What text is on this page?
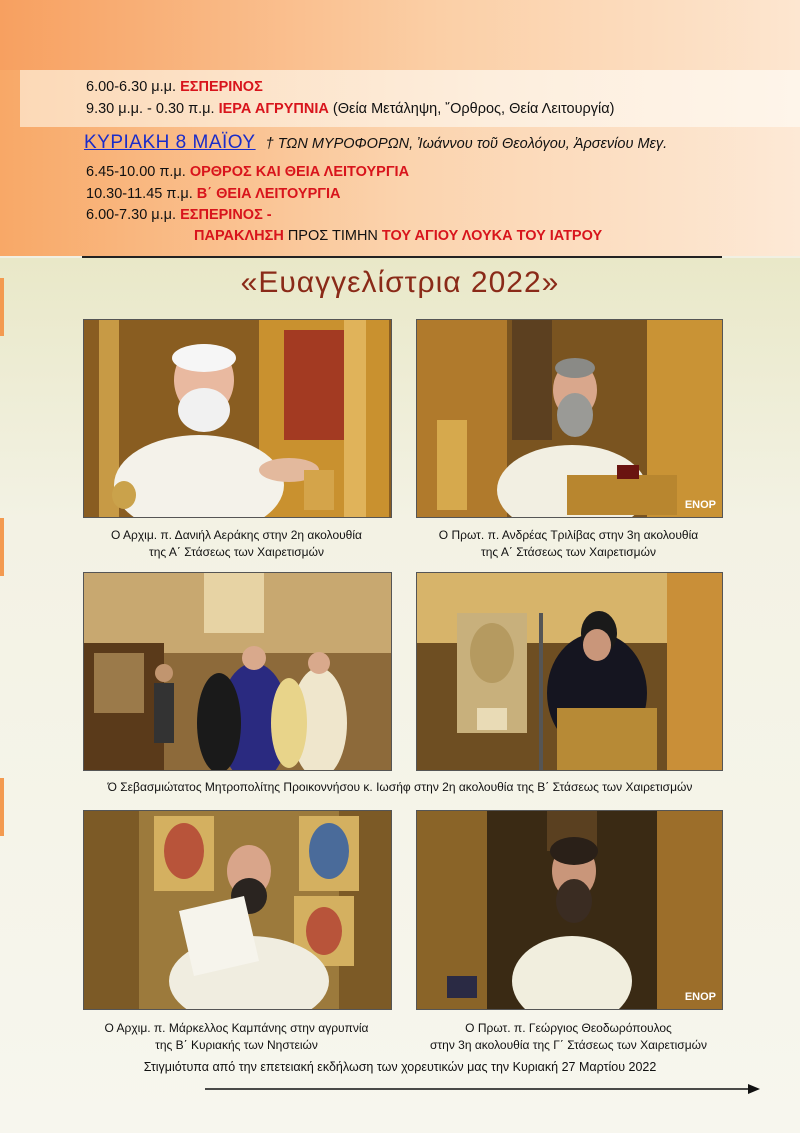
6.00-6.30 μ.μ. ΕΣΠΕΡΙΝΟΣ
9.30 μ.μ. - 0.30 π.μ. ΙΕΡΑ ΑΓΡΥΠΝΙΑ (Θεία Μετάληψη, ῎Ορθρος, Θεία Λειτουργία)
ΚΥΡΙΑΚΗ 8 ΜΑΪΟΥ † ΤΩΝ ΜΥΡΟΦΟΡΩΝ, Ἰωάννου τοῦ Θεολόγου, Ἀρσενίου Μεγ.
6.45-10.00 π.μ. ΟΡΘΡΟΣ ΚΑΙ ΘΕΙΑ ΛΕΙΤΟΥΡΓΙΑ
10.30-11.45 π.μ. Β΄ ΘΕΙΑ ΛΕΙΤΟΥΡΓΙΑ
6.00-7.30 μ.μ. ΕΣΠΕΡΙΝΟΣ -
ΠΑΡΑΚΛΗΣΗ ΠΡΟΣ ΤΙΜΗΝ ΤΟΥ ΑΓΙΟΥ ΛΟΥΚΑ ΤΟΥ ΙΑΤΡΟΥ
«Ευαγγελίστρια 2022»
Ο Αρχιμ. π. Δανιήλ Αεράκης στην 2η ακολουθία
της Α΄ Στάσεως των Χαιρετισμών
ΕΝΟΡ
Ο Πρωτ. π. Ανδρέας Τριλίβας στην 3η ακολουθία
της Α΄ Στάσεως των Χαιρετισμών
Ό Σεβασμιώτατος Μητροπολίτης Προικοννήσου κ. Ιωσήφ στην 2η ακολουθία της Β΄ Στάσεως των Χαιρετισμών
Ο Αρχιμ. π. Μάρκελλος Καμπάνης στην αγρυπνία
της Β΄ Κυριακής των Νηστειών
ΕΝΟΡ
Ο Πρωτ. π. Γεώργιος Θεοδωρόπουλος
στην 3η ακολουθία της Γ΄ Στάσεως των Χαιρετισμών
Στιγμιότυπα από την επετειακή εκδήλωση των χορευτικών μας την Κυριακή 27 Μαρτίου 2022
